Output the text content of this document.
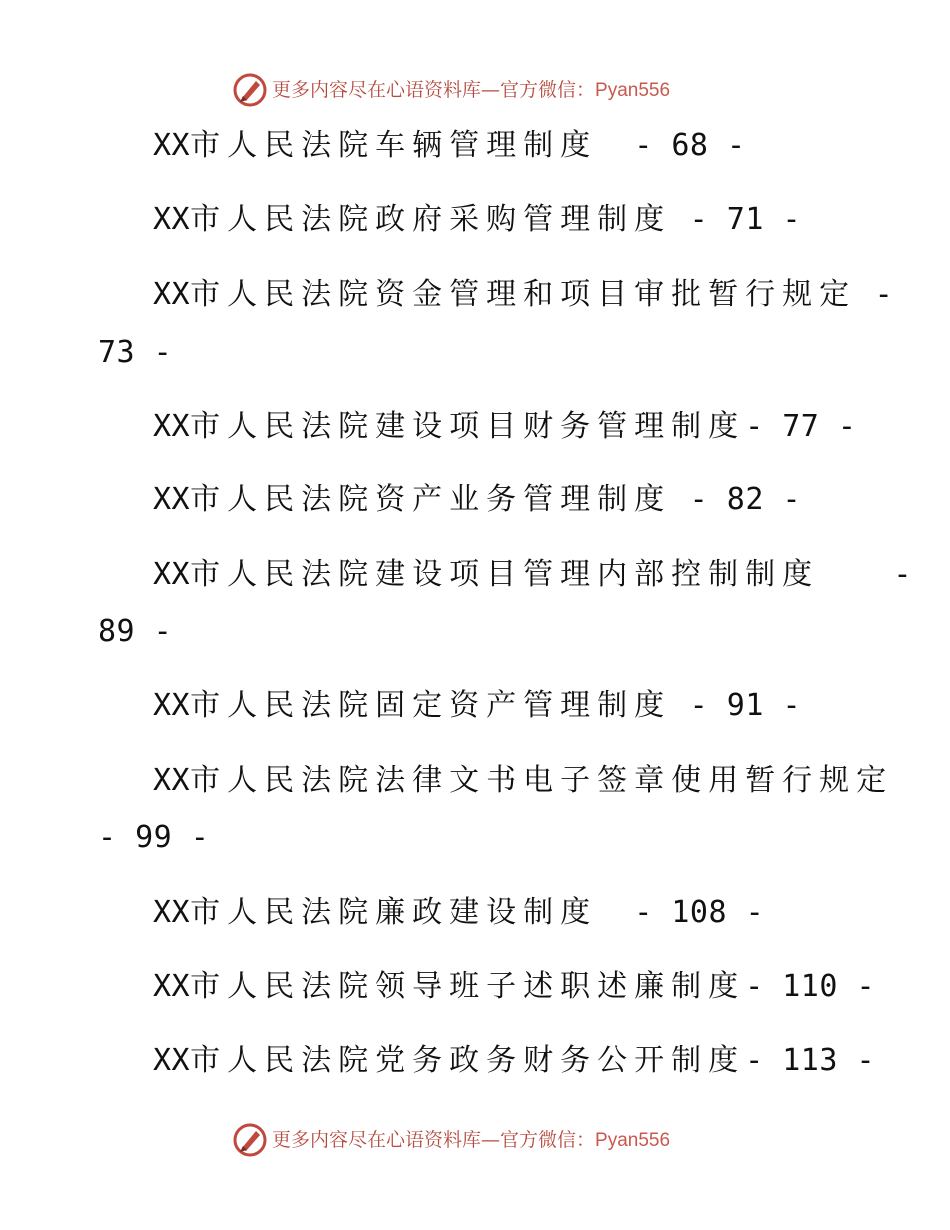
更多内容尽在心语资料库—官方微信：Pyan556
XX市人民法院车辆管理制度  - 68 -
XX市人民法院政府采购管理制度 - 71 -
XX市人民法院资金管理和项目审批暂行规定 -
73 -
XX市人民法院建设项目财务管理制度- 77 -
XX市人民法院资产业务管理制度 - 82 -
XX市人民法院建设项目管理内部控制制度    -
89 -
XX市人民法院固定资产管理制度 - 91 -
XX市人民法院法律文书电子签章使用暂行规定
- 99 -
XX市人民法院廉政建设制度  - 108 -
XX市人民法院领导班子述职述廉制度- 110 -
XX市人民法院党务政务财务公开制度- 113 -
更多内容尽在心语资料库—官方微信：Pyan556
